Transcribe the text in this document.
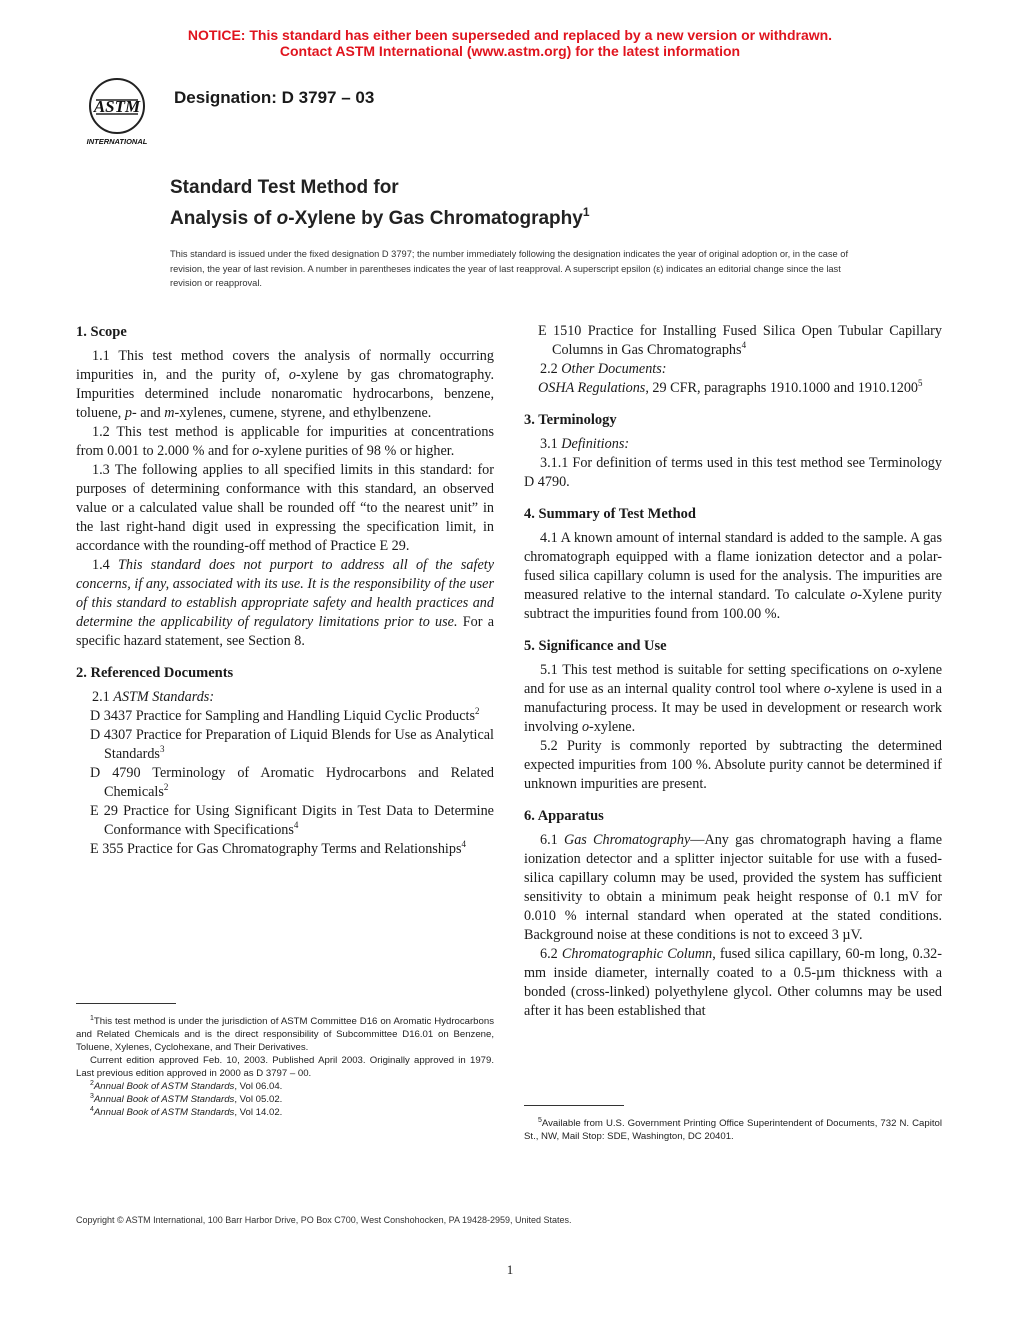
NOTICE: This standard has either been superseded and replaced by a new version or withdrawn.
Contact ASTM International (www.astm.org) for the latest information
ASTM
INTERNATIONAL
Designation: D 3797 – 03
Standard Test Method for
Analysis of o-Xylene by Gas Chromatography$^1$
This standard is issued under the fixed designation D 3797; the number immediately following the designation indicates the year of original adoption or, in the case of revision, the year of last revision. A number in parentheses indicates the year of last reapproval. A superscript epsilon (ε) indicates an editorial change since the last revision or reapproval.
1. Scope

1.1 This test method covers the analysis of normally occurring impurities in, and the purity of, o-xylene by gas chromatography. Impurities determined include nonaromatic hydrocarbons, benzene, toluene, p- and m-xylenes, cumene, styrene, and ethylbenzene.

1.2 This test method is applicable for impurities at concentrations from 0.001 to 2.000 % and for o-xylene purities of 98 % or higher.

1.3 The following applies to all specified limits in this standard: for purposes of determining conformance with this standard, an observed value or a calculated value shall be rounded off “to the nearest unit” in the last right-hand digit used in expressing the specification limit, in accordance with the rounding-off method of Practice E 29.

1.4 This standard does not purport to address all of the safety concerns, if any, associated with its use. It is the responsibility of the user of this standard to establish appropriate safety and health practices and determine the applicability of regulatory limitations prior to use. For a specific hazard statement, see Section 8.

2. Referenced Documents

2.1 ASTM Standards:

D 3437 Practice for Sampling and Handling Liquid Cyclic Products$^2$
D 4307 Practice for Preparation of Liquid Blends for Use as Analytical Standards$^3$
D 4790 Terminology of Aromatic Hydrocarbons and Related Chemicals$^2$
E 29 Practice for Using Significant Digits in Test Data to Determine Conformance with Specifications$^4$
E 355 Practice for Gas Chromatography Terms and Relationships$^4$

$^1$This test method is under the jurisdiction of ASTM Committee D16 on Aromatic Hydrocarbons and Related Chemicals and is the direct responsibility of Subcommittee D16.01 on Benzene, Toluene, Xylenes, Cyclohexane, and Their Derivatives.

Current edition approved Feb. 10, 2003. Published April 2003. Originally approved in 1979. Last previous edition approved in 2000 as D 3797 – 00.

$^2$Annual Book of ASTM Standards, Vol 06.04.

$^3$Annual Book of ASTM Standards, Vol 05.02.

$^4$Annual Book of ASTM Standards, Vol 14.02.

E 1510 Practice for Installing Fused Silica Open Tubular Capillary Columns in Gas Chromatographs$^4$

2.2 Other Documents:

OSHA Regulations, 29 CFR, paragraphs 1910.1000 and 1910.1200$^5$
3. Terminology

3.1 Definitions:

3.1.1 For definition of terms used in this test method see Terminology D 4790.

4. Summary of Test Method

4.1 A known amount of internal standard is added to the sample. A gas chromatograph equipped with a flame ionization detector and a polar-fused silica capillary column is used for the analysis. The impurities are measured relative to the internal standard. To calculate o-Xylene purity subtract the impurities found from 100.00 %.

5. Significance and Use

5.1 This test method is suitable for setting specifications on o-xylene and for use as an internal quality control tool where o-xylene is used in a manufacturing process. It may be used in development or research work involving o-xylene.

5.2 Purity is commonly reported by subtracting the determined expected impurities from 100 %. Absolute purity cannot be determined if unknown impurities are present.

6. Apparatus

6.1 Gas Chromatography—Any gas chromatograph having a flame ionization detector and a splitter injector suitable for use with a fused-silica capillary column may be used, provided the system has sufficient sensitivity to obtain a minimum peak height response of 0.1 mV for 0.010 % internal standard when operated at the stated conditions. Background noise at these conditions is not to exceed 3 µV.

6.2 Chromatographic Column, fused silica capillary, 60-m long, 0.32-mm inside diameter, internally coated to a 0.5-µm thickness with a bonded (cross-linked) polyethylene glycol. Other columns may be used after it has been established that

$^5$Available from U.S. Government Printing Office Superintendent of Documents, 732 N. Capitol St., NW, Mail Stop: SDE, Washington, DC 20401.

Copyright © ASTM International, 100 Barr Harbor Drive, PO Box C700, West Conshohocken, PA 19428-2959, United States.
1
